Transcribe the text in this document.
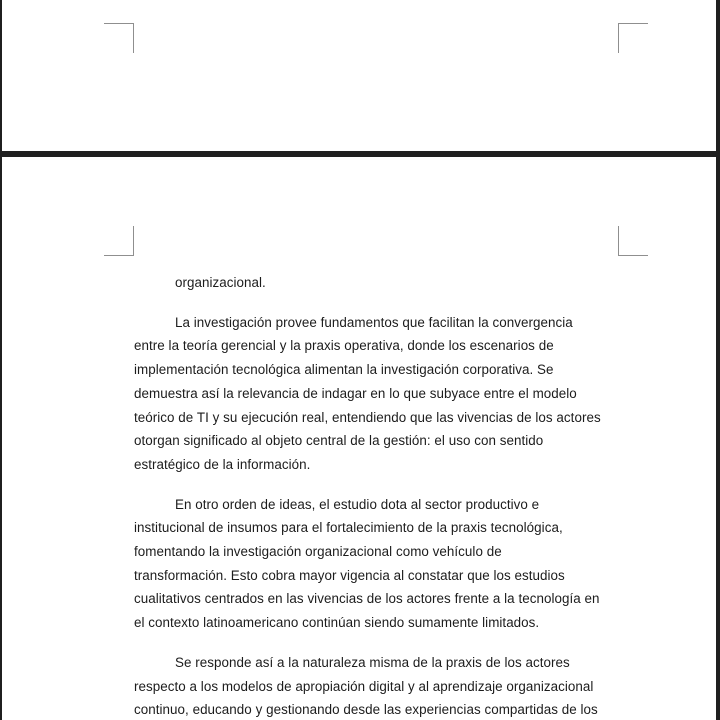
organizacional.

La investigación provee fundamentos que facilitan la convergencia
entre la teoría gerencial y la praxis operativa, donde los escenarios de
implementación tecnológica alimentan la investigación corporativa. Se
demuestra así la relevancia de indagar en lo que subyace entre el modelo
teórico de TI y su ejecución real, entendiendo que las vivencias de los actores
otorgan significado al objeto central de la gestión: el uso con sentido
estratégico de la información.

En otro orden de ideas, el estudio dota al sector productivo e
institucional de insumos para el fortalecimiento de la praxis tecnológica,
fomentando la investigación organizacional como vehículo de
transformación. Esto cobra mayor vigencia al constatar que los estudios
cualitativos centrados en las vivencias de los actores frente a la tecnología en
el contexto latinoamericano continúan siendo sumamente limitados.

Se responde así a la naturaleza misma de la praxis de los actores
respecto a los modelos de apropiación digital y al aprendizaje organizacional
continuo, educando y gestionando desde las experiencias compartidas de los
